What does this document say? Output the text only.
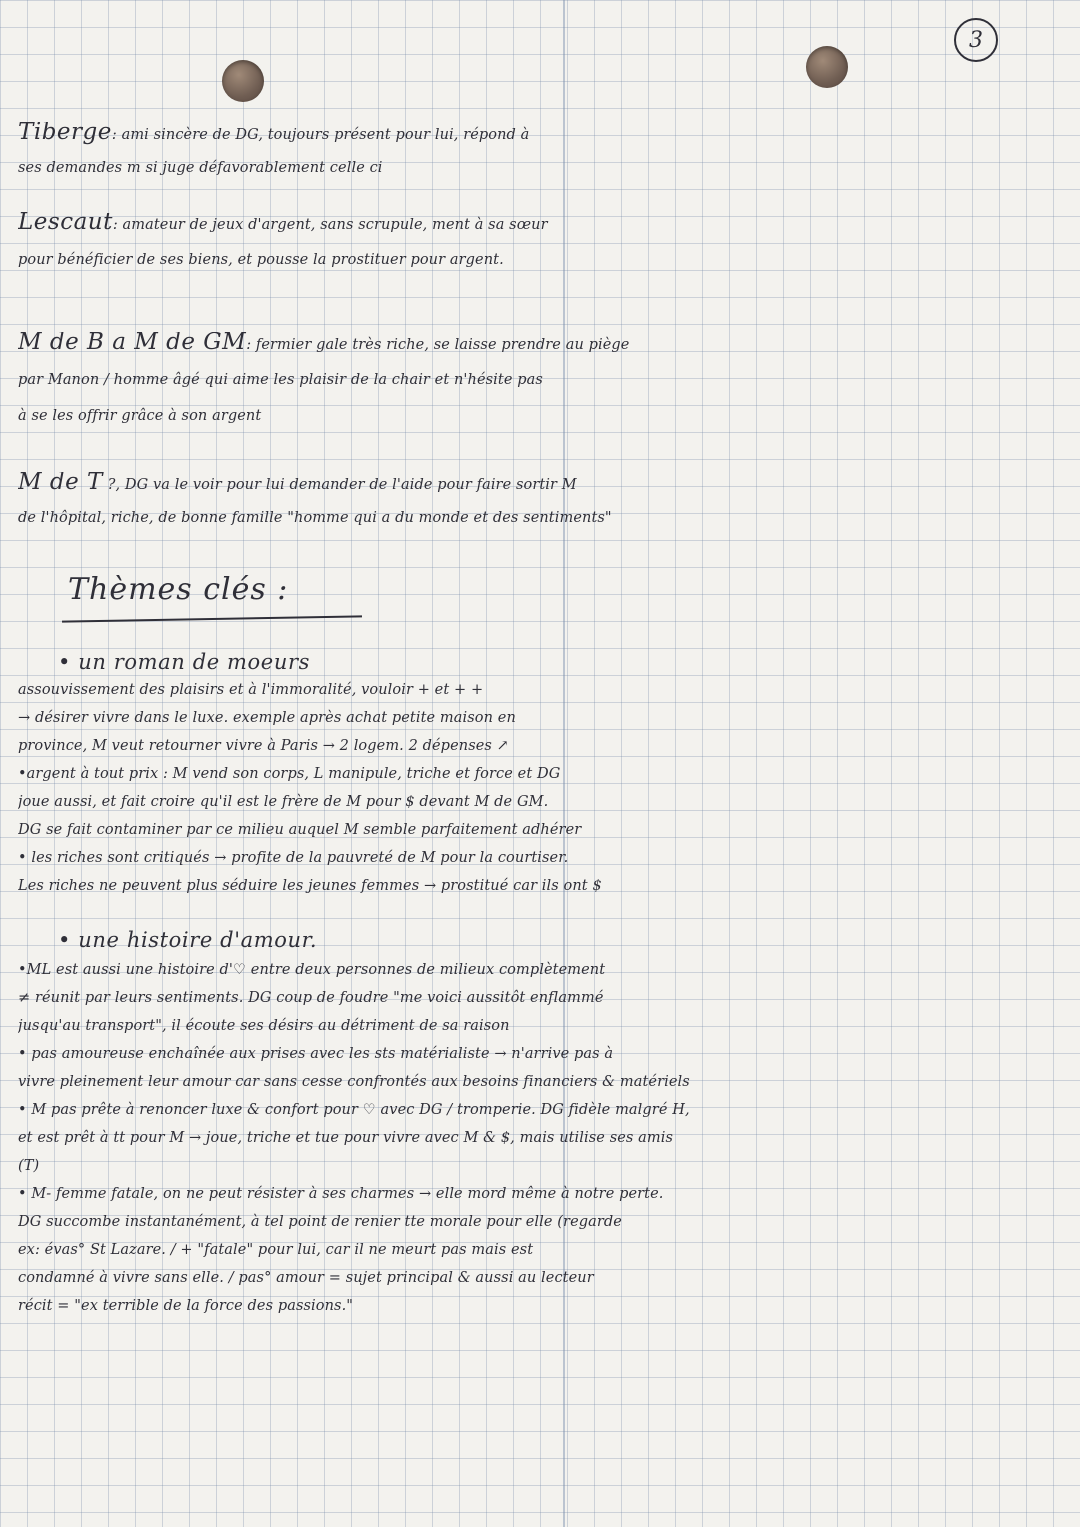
3
Tiberge: ami sincère de DG, toujours présent pour lui, répond à
ses demandes m si juge défavorablement celle ci
Lescaut: amateur de jeux d'argent, sans scrupule, ment à sa sœur
pour bénéficier de ses biens, et pousse la prostituer pour argent.
M de B a M de GM: fermier gale très riche, se laisse prendre au piège
par Manon / homme âgé qui aime les plaisir de la chair et n'hésite pas
à se les offrir grâce à son argent
M de T ?, DG va le voir pour lui demander de l'aide pour faire sortir M
de l'hôpital, riche, de bonne famille "homme qui a du monde et des sentiments"
Thèmes clés :
• un roman de moeurs
assouvissement des plaisirs et à l'immoralité, vouloir + et + +
→ désirer vivre dans le luxe. exemple après achat petite maison en
province, M veut retourner vivre à Paris → 2 logem. 2 dépenses ↗
•argent à tout prix : M vend son corps, L manipule, triche et force et DG
joue aussi, et fait croire qu'il est le frère de M pour $ devant M de GM.
DG se fait contaminer par ce milieu auquel M semble parfaitement adhérer
• les riches sont critiqués → profite de la pauvreté de M pour la courtiser.
Les riches ne peuvent plus séduire les jeunes femmes → prostitué car ils ont $
• une histoire d'amour.
•ML est aussi une histoire d'♡ entre deux personnes de milieux complètement
≠ réunit par leurs sentiments. DG coup de foudre "me voici aussitôt enflammé
jusqu'au transport", il écoute ses désirs au détriment de sa raison
• pas amoureuse enchaînée aux prises avec les sts matérialiste → n'arrive pas à
vivre pleinement leur amour car sans cesse confrontés aux besoins financiers & matériels
• M pas prête à renoncer luxe & confort pour ♡ avec DG / tromperie. DG fidèle malgré H,
et est prêt à tt pour M → joue, triche et tue pour vivre avec M & $, mais utilise ses amis
(T)
• M- femme fatale, on ne peut résister à ses charmes → elle mord même à notre perte.
DG succombe instantanément, à tel point de renier tte morale pour elle (regarde
ex: évas° St Lazare. / + "fatale" pour lui, car il ne meurt pas mais est
condamné à vivre sans elle. / pas° amour = sujet principal & aussi au lecteur
récit = "ex terrible de la force des passions."
